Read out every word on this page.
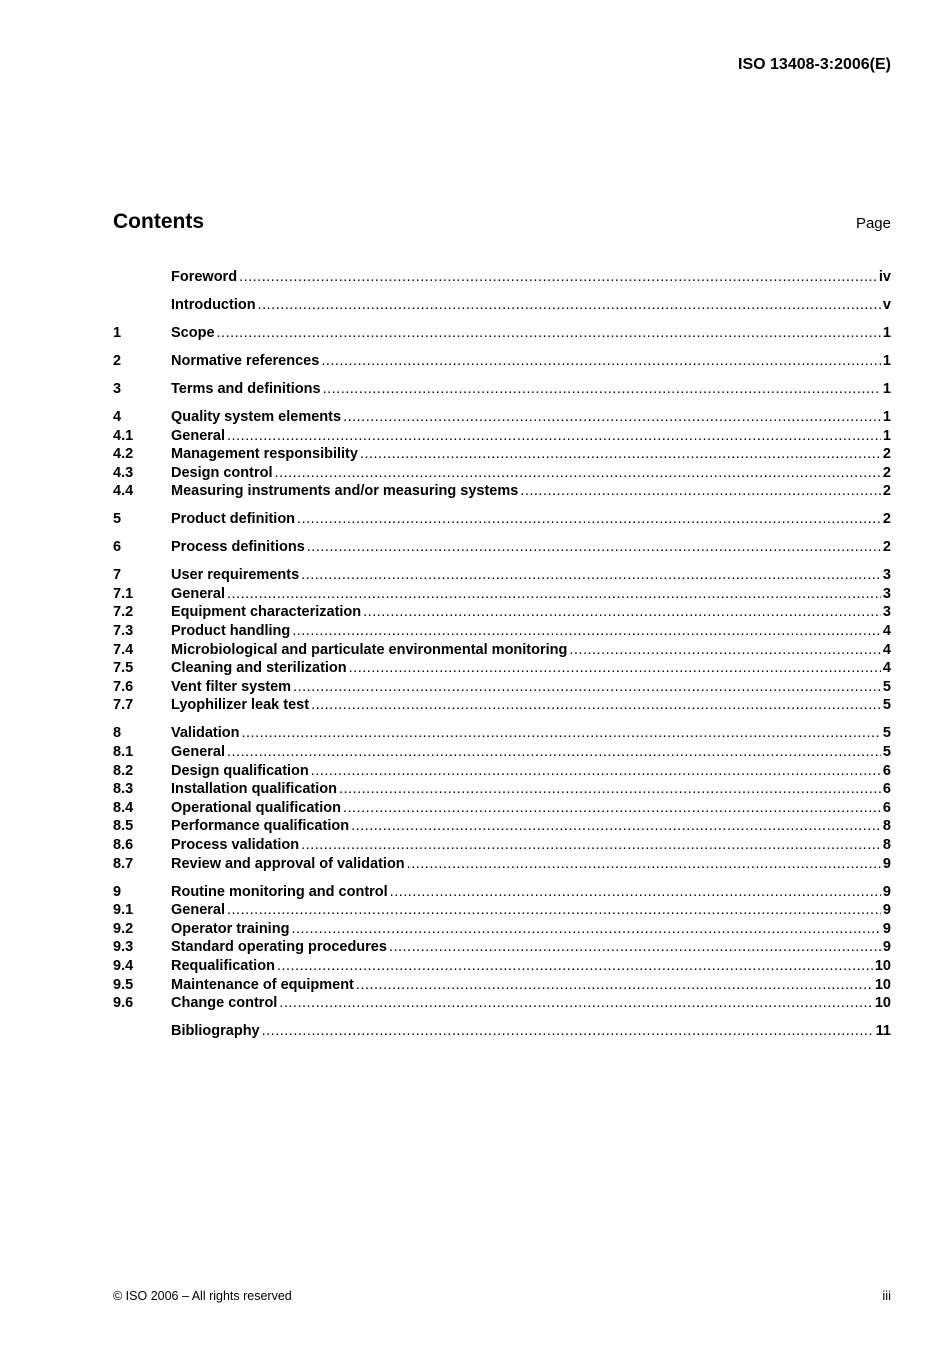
ISO 13408-3:2006(E)
Contents	Page
Foreword .....	iv
Introduction .....	v
1	Scope .....	1
2	Normative references .....	1
3	Terms and definitions .....	1
4	Quality system elements .....	1
4.1	General .....	1
4.2	Management responsibility .....	2
4.3	Design control .....	2
4.4	Measuring instruments and/or measuring systems .....	2
5	Product definition .....	2
6	Process definitions .....	2
7	User requirements .....	3
7.1	General .....	3
7.2	Equipment characterization .....	3
7.3	Product handling .....	4
7.4	Microbiological and particulate environmental monitoring .....	4
7.5	Cleaning and sterilization .....	4
7.6	Vent filter system .....	5
7.7	Lyophilizer leak test .....	5
8	Validation .....	5
8.1	General .....	5
8.2	Design qualification .....	6
8.3	Installation qualification .....	6
8.4	Operational qualification .....	6
8.5	Performance qualification .....	8
8.6	Process validation .....	8
8.7	Review and approval of validation .....	9
9	Routine monitoring and control .....	9
9.1	General .....	9
9.2	Operator training .....	9
9.3	Standard operating procedures .....	9
9.4	Requalification .....	10
9.5	Maintenance of equipment .....	10
9.6	Change control .....	10
Bibliography .....	11
© ISO 2006 – All rights reserved	iii
